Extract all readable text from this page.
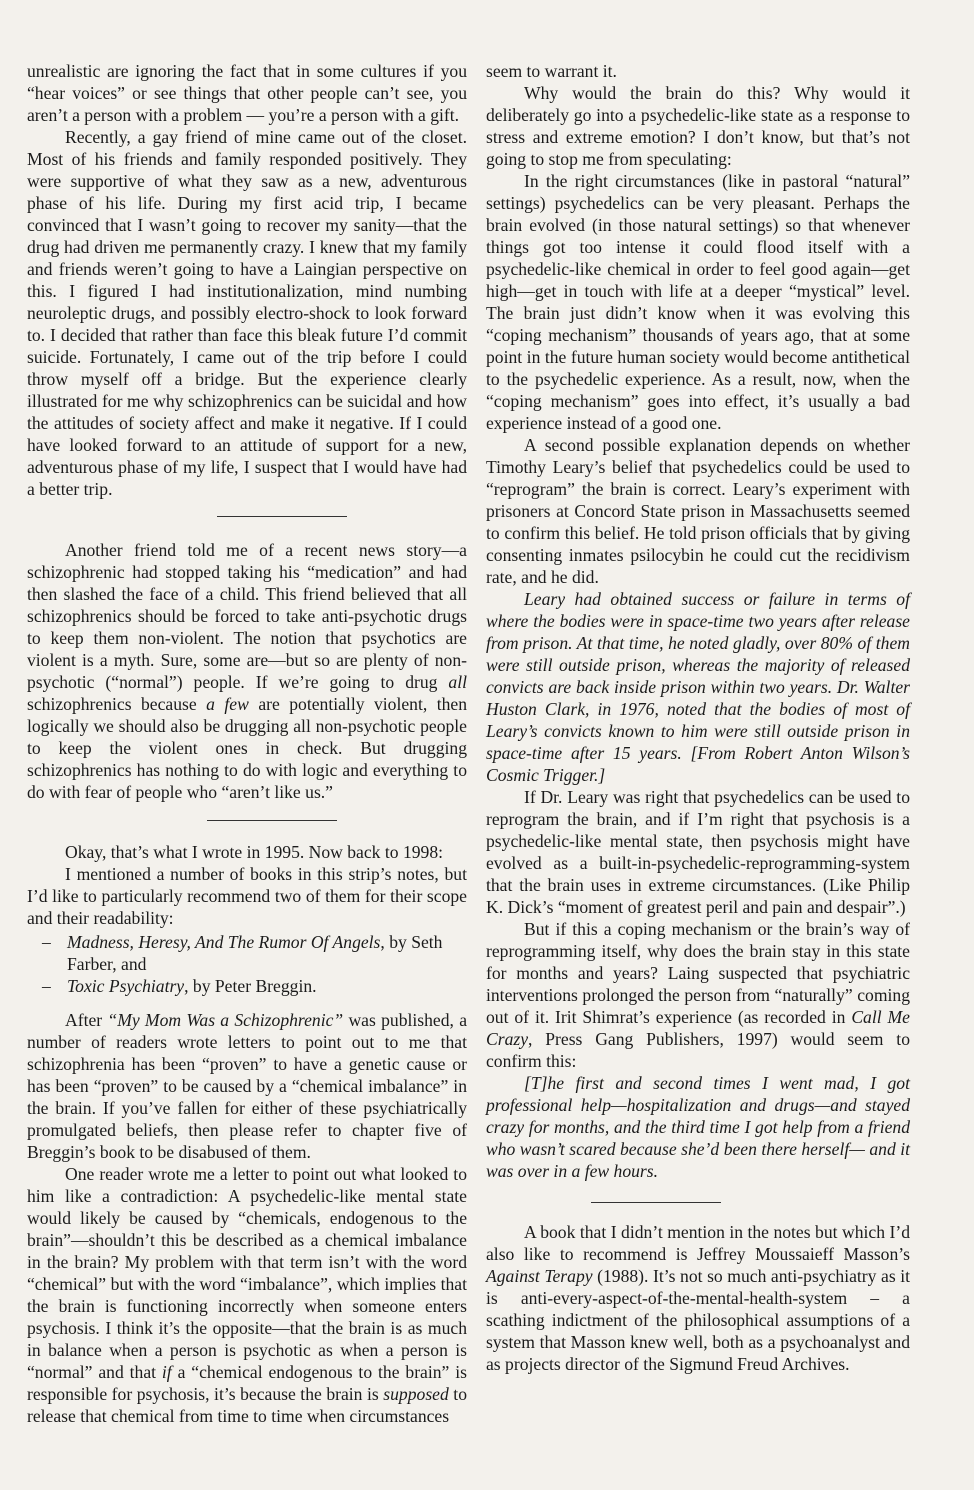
unrealistic are ignoring the fact that in some cultures if you “hear voices” or see things that other people can’t see, you aren’t a person with a problem — you’re a person with a gift.

Recently, a gay friend of mine came out of the closet. Most of his friends and family responded positively. They were supportive of what they saw as a new, adventurous phase of his life. During my first acid trip, I became convinced that I wasn’t going to recover my sanity—that the drug had driven me permanently crazy. I knew that my family and friends weren’t going to have a Laingian perspective on this. I figured I had institutionalization, mind numbing neuroleptic drugs, and possibly electro-shock to look forward to. I decided that rather than face this bleak future I’d commit suicide. Fortunately, I came out of the trip before I could throw myself off a bridge. But the experience clearly illustrated for me why schizophrenics can be suicidal and how the attitudes of society affect and make it negative. If I could have looked forward to an attitude of support for a new, adventurous phase of my life, I suspect that I would have had a better trip.

Another friend told me of a recent news story—a schizophrenic had stopped taking his “medication” and had then slashed the face of a child. This friend believed that all schizophrenics should be forced to take anti-psychotic drugs to keep them non-violent. The notion that psychotics are violent is a myth. Sure, some are—but so are plenty of non-psychotic (“normal”) people. If we’re going to drug all schizophrenics because a few are potentially violent, then logically we should also be drugging all non-psychotic people to keep the violent ones in check. But drugging schizophrenics has nothing to do with logic and everything to do with fear of people who “aren’t like us.”

Okay, that’s what I wrote in 1995. Now back to 1998:

I mentioned a number of books in this strip’s notes, but I’d like to particularly recommend two of them for their scope and their readability:

– Madness, Heresy, And The Rumor Of Angels, by Seth Farber, and
– Toxic Psychiatry, by Peter Breggin.

After “My Mom Was a Schizophrenic” was published, a number of readers wrote letters to point out to me that schizophrenia has been “proven” to have a genetic cause or has been “proven” to be caused by a “chemical imbalance” in the brain. If you’ve fallen for either of these psychiatrically promulgated beliefs, then please refer to chapter five of Breggin’s book to be disabused of them.

One reader wrote me a letter to point out what looked to him like a contradiction: A psychedelic-like mental state would likely be caused by “chemicals, endogenous to the brain”—shouldn’t this be described as a chemical imbalance in the brain? My problem with that term isn’t with the word “chemical” but with the word “imbalance”, which implies that the brain is functioning incorrectly when someone enters psychosis. I think it’s the opposite—that the brain is as much in balance when a person is psychotic as when a person is “normal” and that if a “chemical endogenous to the brain” is responsible for psychosis, it’s because the brain is supposed to release that chemical from time to time when circumstances

seem to warrant it.

Why would the brain do this? Why would it deliberately go into a psychedelic-like state as a response to stress and extreme emotion? I don’t know, but that’s not going to stop me from speculating:

In the right circumstances (like in pastoral “natural” settings) psychedelics can be very pleasant. Perhaps the brain evolved (in those natural settings) so that whenever things got too intense it could flood itself with a psychedelic-like chemical in order to feel good again—get high—get in touch with life at a deeper “mystical” level. The brain just didn’t know when it was evolving this “coping mechanism” thousands of years ago, that at some point in the future human society would become antithetical to the psychedelic experience. As a result, now, when the “coping mechanism” goes into effect, it’s usually a bad experience instead of a good one.

A second possible explanation depends on whether Timothy Leary’s belief that psychedelics could be used to “reprogram” the brain is correct. Leary’s experiment with prisoners at Concord State prison in Massachusetts seemed to confirm this belief. He told prison officials that by giving consenting inmates psilocybin he could cut the recidivism rate, and he did.

Leary had obtained success or failure in terms of where the bodies were in space-time two years after release from prison. At that time, he noted gladly, over 80% of them were still outside prison, whereas the majority of released convicts are back inside prison within two years. Dr. Walter Huston Clark, in 1976, noted that the bodies of most of Leary’s convicts known to him were still outside prison in space-time after 15 years. [From Robert Anton Wilson’s Cosmic Trigger.]

If Dr. Leary was right that psychedelics can be used to reprogram the brain, and if I’m right that psychosis is a psychedelic-like mental state, then psychosis might have evolved as a built-in-psychedelic-reprogramming-system that the brain uses in extreme circumstances. (Like Philip K. Dick’s “moment of greatest peril and pain and despair”.)

But if this a coping mechanism or the brain’s way of reprogramming itself, why does the brain stay in this state for months and years? Laing suspected that psychiatric interventions prolonged the person from “naturally” coming out of it. Irit Shimrat’s experience (as recorded in Call Me Crazy, Press Gang Publishers, 1997) would seem to confirm this:

[T]he first and second times I went mad, I got professional help—hospitalization and drugs—and stayed crazy for months, and the third time I got help from a friend who wasn’t scared because she’d been there herself— and it was over in a few hours.

A book that I didn’t mention in the notes but which I’d also like to recommend is Jeffrey Moussaieff Masson’s Against Terapy (1988). It’s not so much anti-psychiatry as it is anti-every-aspect-of-the-mental-health-system – a scathing indictment of the philosophical assumptions of a system that Masson knew well, both as a psychoanalyst and as projects director of the Sigmund Freud Archives.
